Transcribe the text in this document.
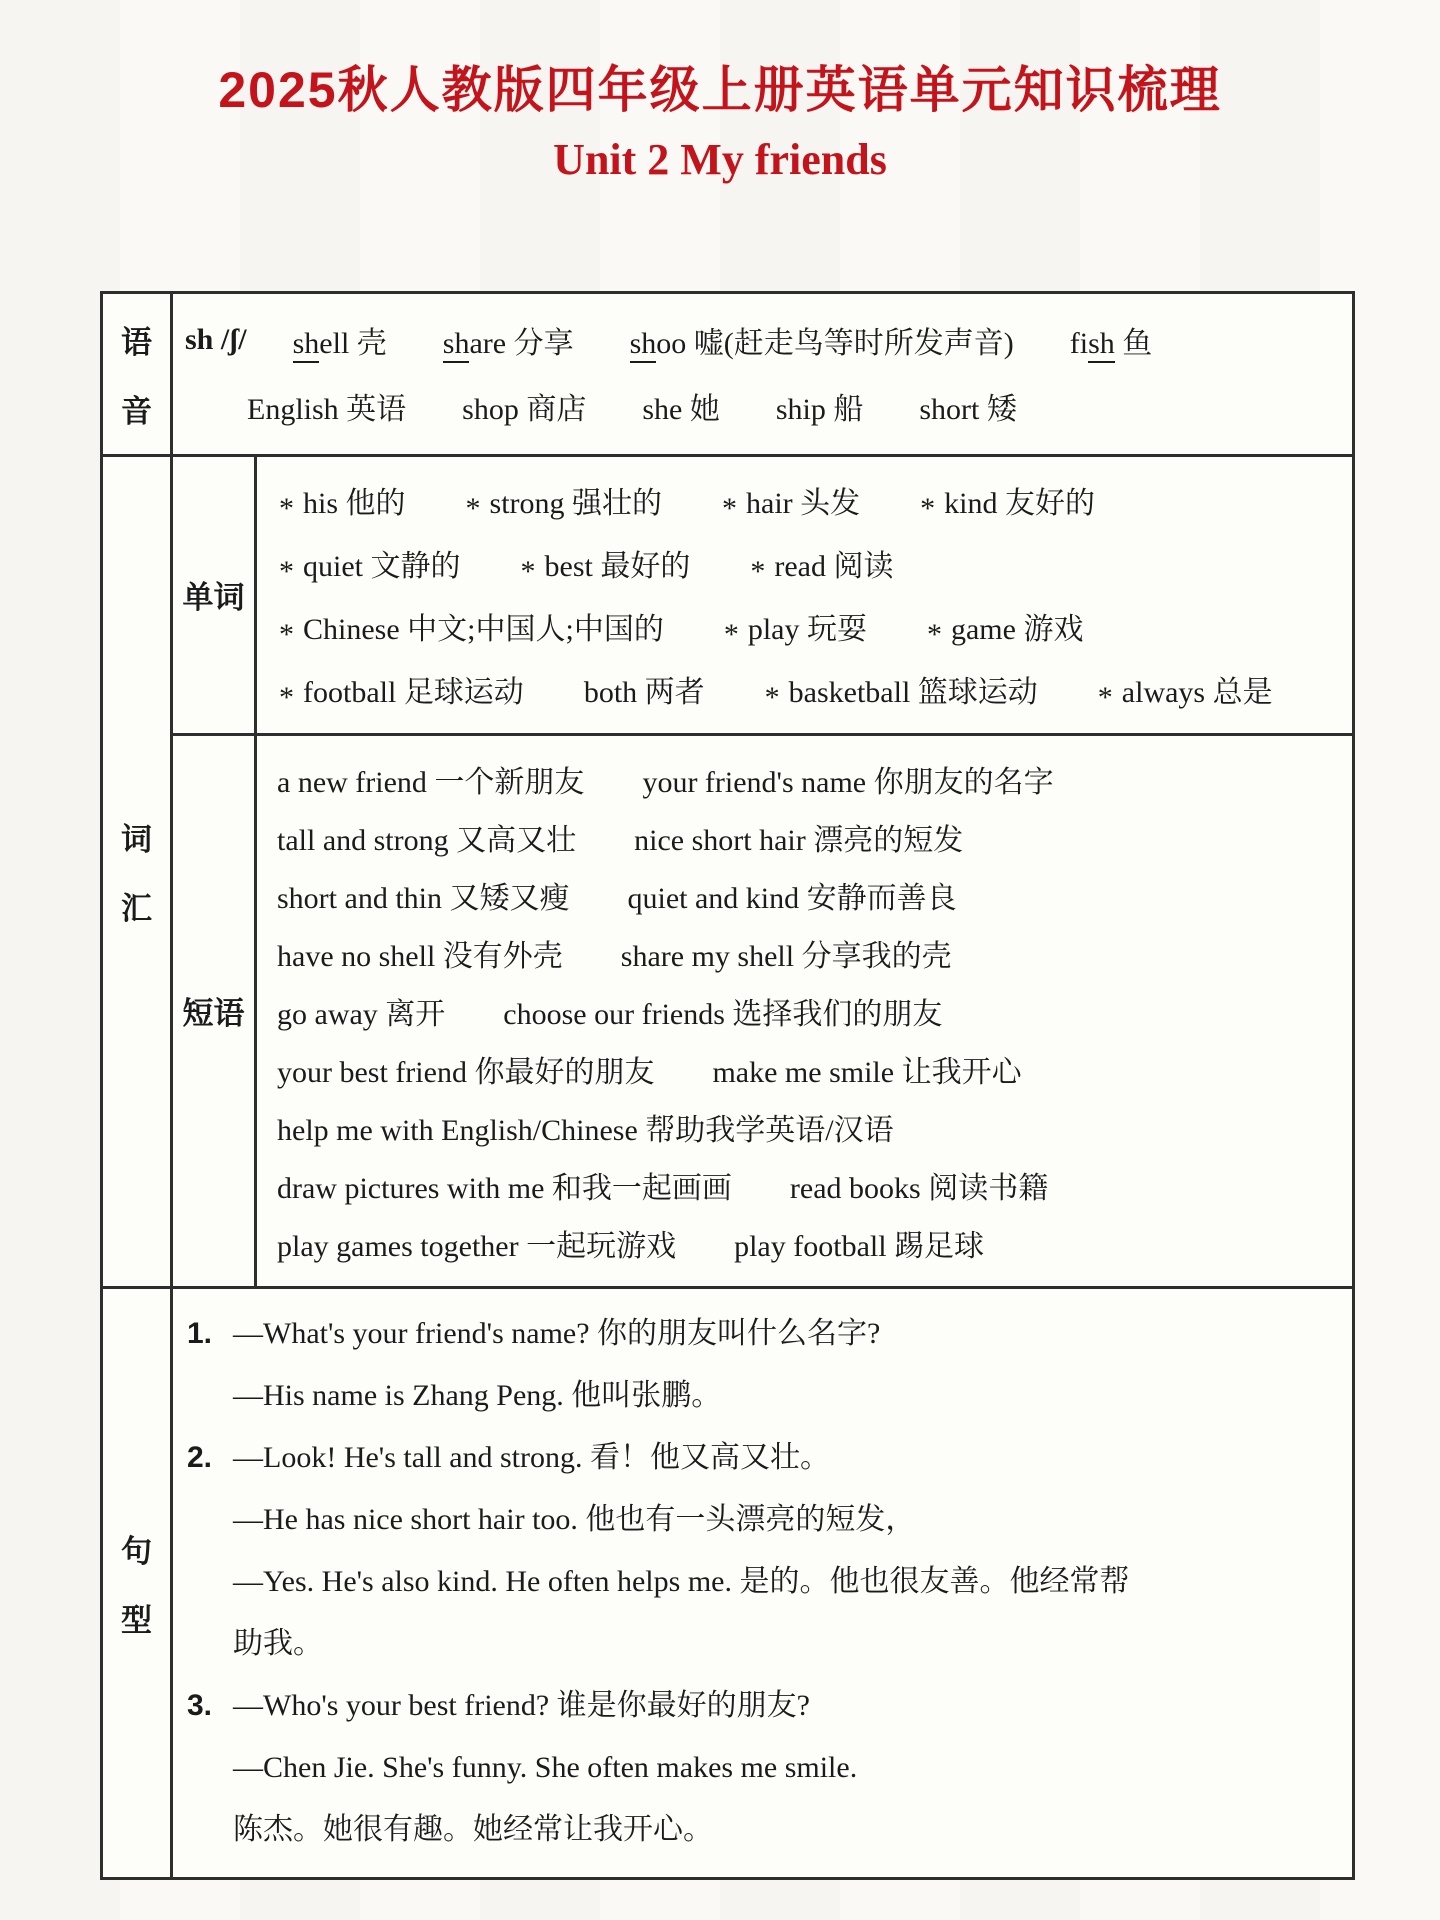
2025秋人教版四年级上册英语单元知识梳理
Unit 2 My friends
语
音
sh /ʃ/ shell 壳 share 分享 shoo 嘘(赶走鸟等时所发声音) fish 鱼
English 英语 shop 商店 she 她 ship 船 short 矮
词
汇
单词
* his 他的 * strong 强壮的 * hair 头发 * kind 友好的
* quiet 文静的 * best 最好的 * read 阅读
* Chinese 中文;中国人;中国的 * play 玩耍 * game 游戏
* football 足球运动 both 两者 * basketball 篮球运动 * always 总是
短语
a new friend 一个新朋友 your friend's name 你朋友的名字
tall and strong 又高又壮 nice short hair 漂亮的短发
short and thin 又矮又瘦 quiet and kind 安静而善良
have no shell 没有外壳 share my shell 分享我的壳
go away 离开 choose our friends 选择我们的朋友
your best friend 你最好的朋友 make me smile 让我开心
help me with English/Chinese 帮助我学英语/汉语
draw pictures with me 和我一起画画 read books 阅读书籍
play games together 一起玩游戏 play football 踢足球
句
型
1. —What's your friend's name? 你的朋友叫什么名字?
—His name is Zhang Peng. 他叫张鹏。
2. —Look! He's tall and strong. 看！他又高又壮。
—He has nice short hair too. 他也有一头漂亮的短发，
—Yes. He's also kind. He often helps me. 是的。他也很友善。他经常帮
助我。
3. —Who's your best friend? 谁是你最好的朋友?
—Chen Jie. She's funny. She often makes me smile.
陈杰。她很有趣。她经常让我开心。
